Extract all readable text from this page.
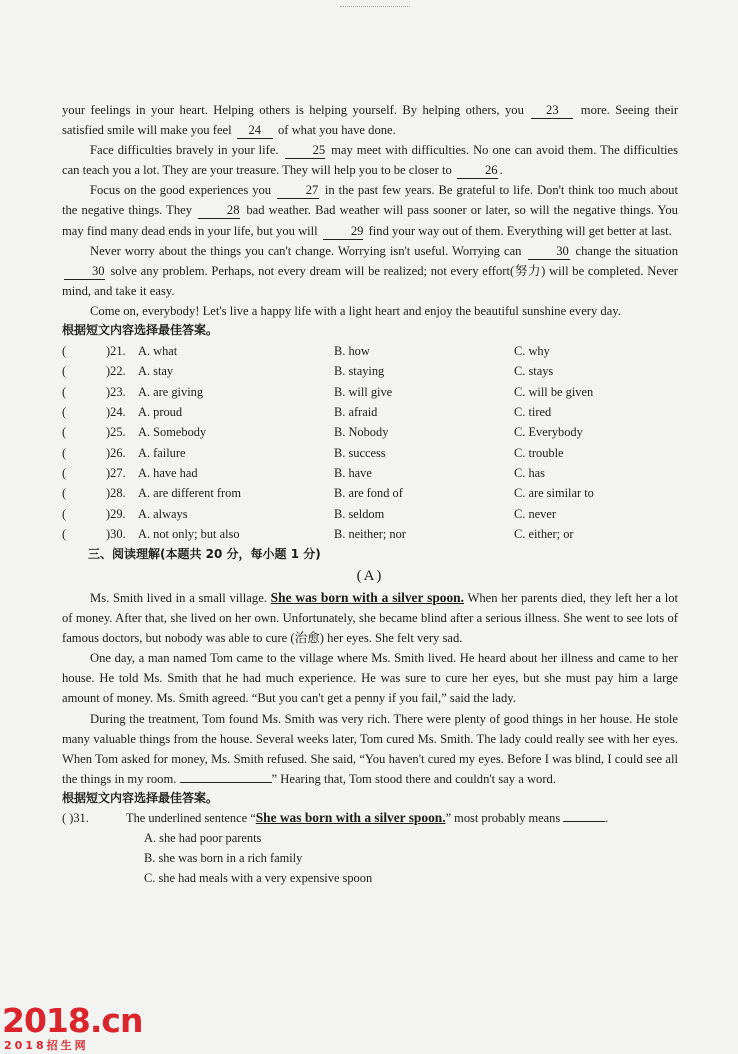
your feelings in your heart. Helping others is helping yourself. By helping others, you 23 more. Seeing their satisfied smile will make you feel 24 of what you have done.

Face difficulties bravely in your life.	25 may meet with difficulties. No one can avoid them. The difficulties can teach you a lot. They are your treasure. They will help you to be closer to	26 .

Focus on the good experiences you	27 in the past few years. Be grateful to life. Don't think too much about the negative things. They	28 bad weather. Bad weather will pass sooner or later, so will the negative things. You may find many dead ends in your life, but you will	29 find your way out of them. Everything will get better at last.

Never worry about the things you can't change. Worrying isn't useful. Worrying can	30 change the situation 30 solve any problem. Perhaps, not every dream will be realized; not every effort(努力) will be completed. Never mind, and take it easy.

Come on, everybody! Let's live a happy life with a light heart and enjoy the beautiful sunshine every day.

根据短文内容选择最佳答案。
(	)21. A. what	B. how	C. why
(	)22. A. stay	B. staying	C. stays
(	)23. A. are giving	B. will give	C. will be given
(	)24. A. proud	B. afraid	C. tired
(	)25. A. Somebody	B. Nobody	C. Everybody
(	)26. A. failure	B. success	C. trouble
(	)27. A. have had	B. have	C. has
(	)28. A. are different from	B. are fond of	C. are similar to
(	)29. A. always	B. seldom	C. never
(	)30. A. not only; but also	B. neither; nor	C. either; or
三、阅读理解(本题共 20 分，每小题 1 分)
(A)

Ms. Smith lived in a small village. She was born with a silver spoon. When her parents died, they left her a lot of money. After that, she lived on her own. Unfortunately, she became blind after a serious illness. She went to see lots of famous doctors, but nobody was able to cure (治愈) her eyes. She felt very sad.

One day, a man named Tom came to the village where Ms. Smith lived. He heard about her illness and came to her house. He told Ms. Smith that he had much experience. He was sure to cure her eyes, but she must pay him a large amount of money. Ms. Smith agreed. “But you can't get a penny if you fail,” said the lady.

During the treatment, Tom found Ms. Smith was very rich. There were plenty of good things in her house. He stole many valuable things from the house. Several weeks later, Tom cured Ms. Smith. The lady could really see with her eyes. When Tom asked for money, Ms. Smith refused. She said, “You haven't cured my eyes. Before I was blind, I could see all the things in my room.	” Hearing that, Tom stood there and couldn't say a word.

根据短文内容选择最佳答案。
( )31.	The underlined sentence “She was born with a silver spoon.” most probably means	.
A. she had poor parents
B. she was born in a rich family
C. she had meals with a very expensive spoon
2018.cn
2018招生网
